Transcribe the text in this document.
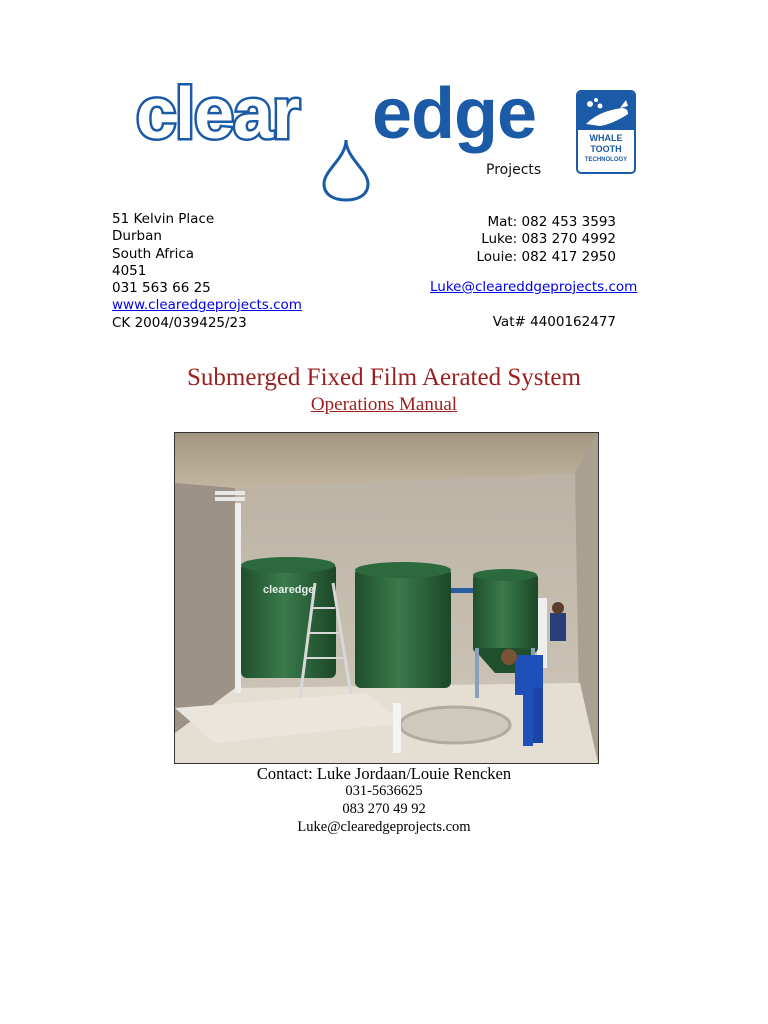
clear edge
Projects
WHALE
TOOTH
TECHNOLOGY
51 Kelvin Place
Durban
South Africa
4051
031 563 66 25
www.clearedgeprojects.com
CK 2004/039425/23
Mat: 082 453 3593
Luke: 083 270 4992
Louie: 082 417 2950
Luke@cleareddgeprojects.com
Vat# 4400162477
Submerged Fixed Film Aerated System
Operations Manual
clearedge
Contact: Luke Jordaan/Louie Rencken
031-5636625
083 270 49 92
Luke@clearedgeprojects.com
